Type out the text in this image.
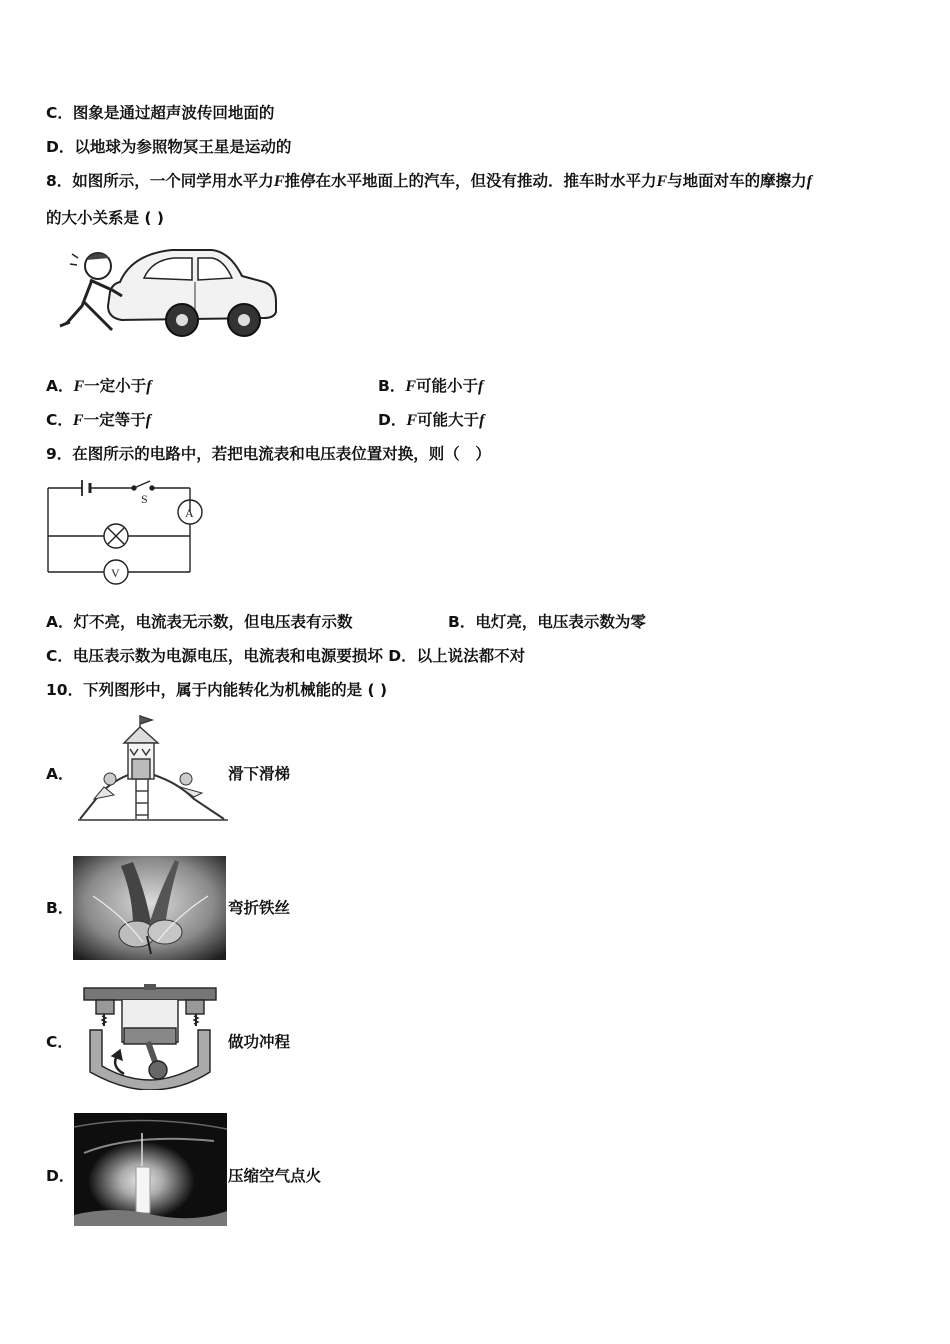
C．图象是通过超声波传回地面的
D．以地球为参照物冥王星是运动的
8．如图所示，一个同学用水平力F推停在水平地面上的汽车，但没有推动．推车时水平力F与地面对车的摩擦力f
的大小关系是 ( )
A．F一定小于f	B．F可能小于f
C．F一定等于f	D．F可能大于f
9．在图所示的电路中，若把电流表和电压表位置对换，则（　）
S
A
V
A．灯不亮，电流表无示数，但电压表有示数	B．电灯亮，电压表示数为零
C．电压表示数为电源电压，电流表和电源要损坏 D．以上说法都不对
10．下列图形中，属于内能转化为机械能的是 ( )
A．	滑下滑梯
B．	弯折铁丝
C．	做功冲程
D．	压缩空气点火
